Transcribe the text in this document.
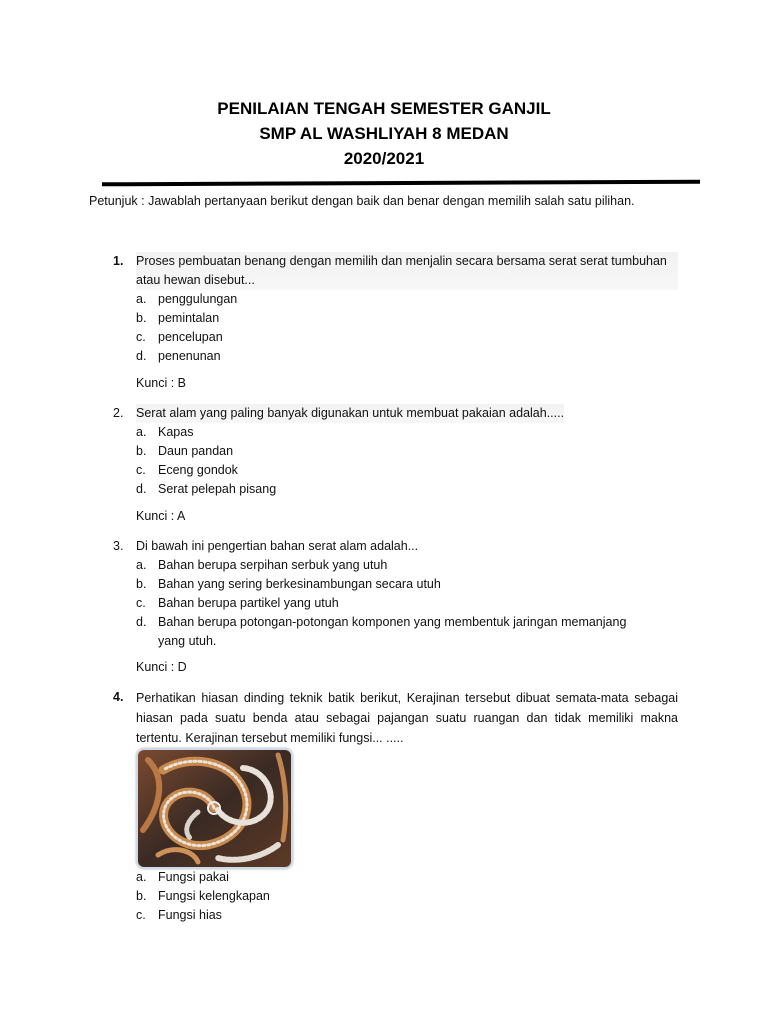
PENILAIAN TENGAH SEMESTER GANJIL
SMP AL WASHLIYAH 8 MEDAN
2020/2021
Petunjuk : Jawablah pertanyaan berikut dengan baik dan benar dengan memilih salah satu pilihan.
1.	Proses pembuatan benang dengan memilih dan menjalin secara bersama serat serat tumbuhan atau hewan disebut...
a. penggulungan
b. pemintalan
c. pencelupan
d. penenunan
Kunci : B
2.	Serat alam yang paling banyak digunakan untuk membuat pakaian adalah.....
a. Kapas
b. Daun pandan
c. Eceng gondok
d. Serat pelepah pisang
Kunci : A
3.	Di bawah ini pengertian bahan serat alam adalah...
a. Bahan berupa serpihan serbuk yang utuh
b. Bahan yang sering berkesinambungan secara utuh
c. Bahan berupa partikel yang utuh
d. Bahan berupa potongan-potongan komponen yang membentuk jaringan memanjang yang utuh.
Kunci : D
4.	Perhatikan hiasan dinding teknik batik berikut, Kerajinan tersebut dibuat semata-mata sebagai hiasan pada suatu benda atau sebagai pajangan suatu ruangan dan tidak memiliki makna tertentu. Kerajinan tersebut memiliki fungsi... .....
a. Fungsi pakai
b. Fungsi kelengkapan
c. Fungsi hias
